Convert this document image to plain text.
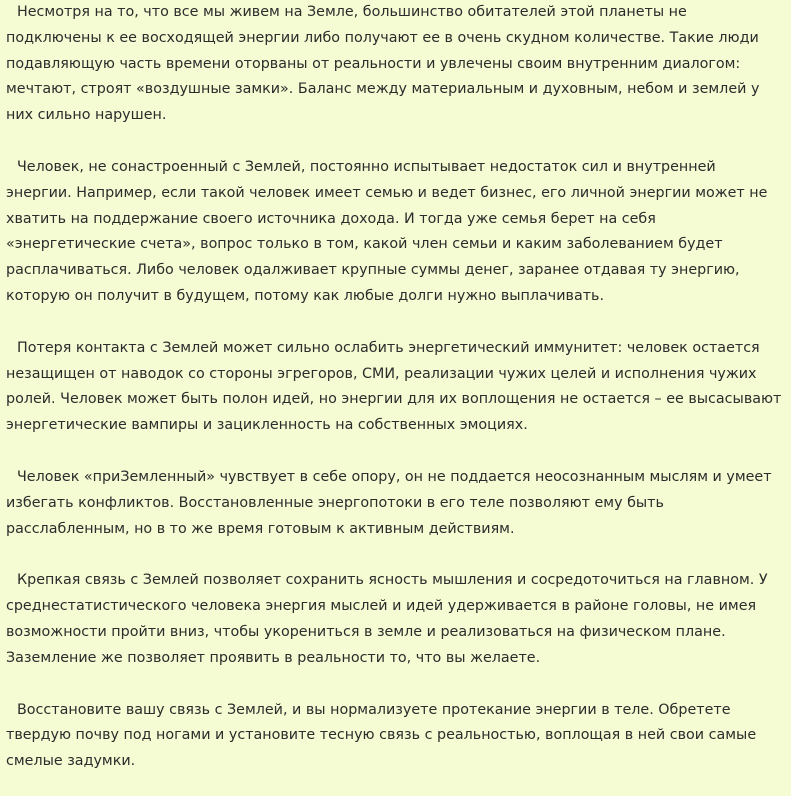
Несмотря на то, что все мы живем на Земле, большинство обитателей этой планеты не подключены к ее восходящей энергии либо получают ее в очень скудном количестве. Такие люди подавляющую часть времени оторваны от реальности и увлечены своим внутренним диалогом: мечтают, строят «воздушные замки». Баланс между материальным и духовным, небом и землей у них сильно нарушен.

Человек, не сонастроенный с Землей, постоянно испытывает недостаток сил и внутренней энергии. Например, если такой человек имеет семью и ведет бизнес, его личной энергии может не хватить на поддержание своего источника дохода. И тогда уже семья берет на себя «энергетические счета», вопрос только в том, какой член семьи и каким заболеванием будет расплачиваться. Либо человек одалживает крупные суммы денег, заранее отдавая ту энергию, которую он получит в будущем, потому как любые долги нужно выплачивать.

Потеря контакта с Землей может сильно ослабить энергетический иммунитет: человек остается незащищен от наводок со стороны эгрегоров, СМИ, реализации чужих целей и исполнения чужих ролей. Человек может быть полон идей, но энергии для их воплощения не остается – ее высасывают энергетические вампиры и зацикленность на собственных эмоциях.

Человек «приЗемленный» чувствует в себе опору, он не поддается неосознанным мыслям и умеет избегать конфликтов. Восстановленные энергопотоки в его теле позволяют ему быть расслабленным, но в то же время готовым к активным действиям.

Крепкая связь с Землей позволяет сохранить ясность мышления и сосредоточиться на главном. У среднестатистического человека энергия мыслей и идей удерживается в районе головы, не имея возможности пройти вниз, чтобы укорениться в земле и реализоваться на физическом плане. Заземление же позволяет проявить в реальности то, что вы желаете.

Восстановите вашу связь с Землей, и вы нормализуете протекание энергии в теле. Обретете твердую почву под ногами и установите тесную связь с реальностью, воплощая в ней свои самые смелые задумки.
